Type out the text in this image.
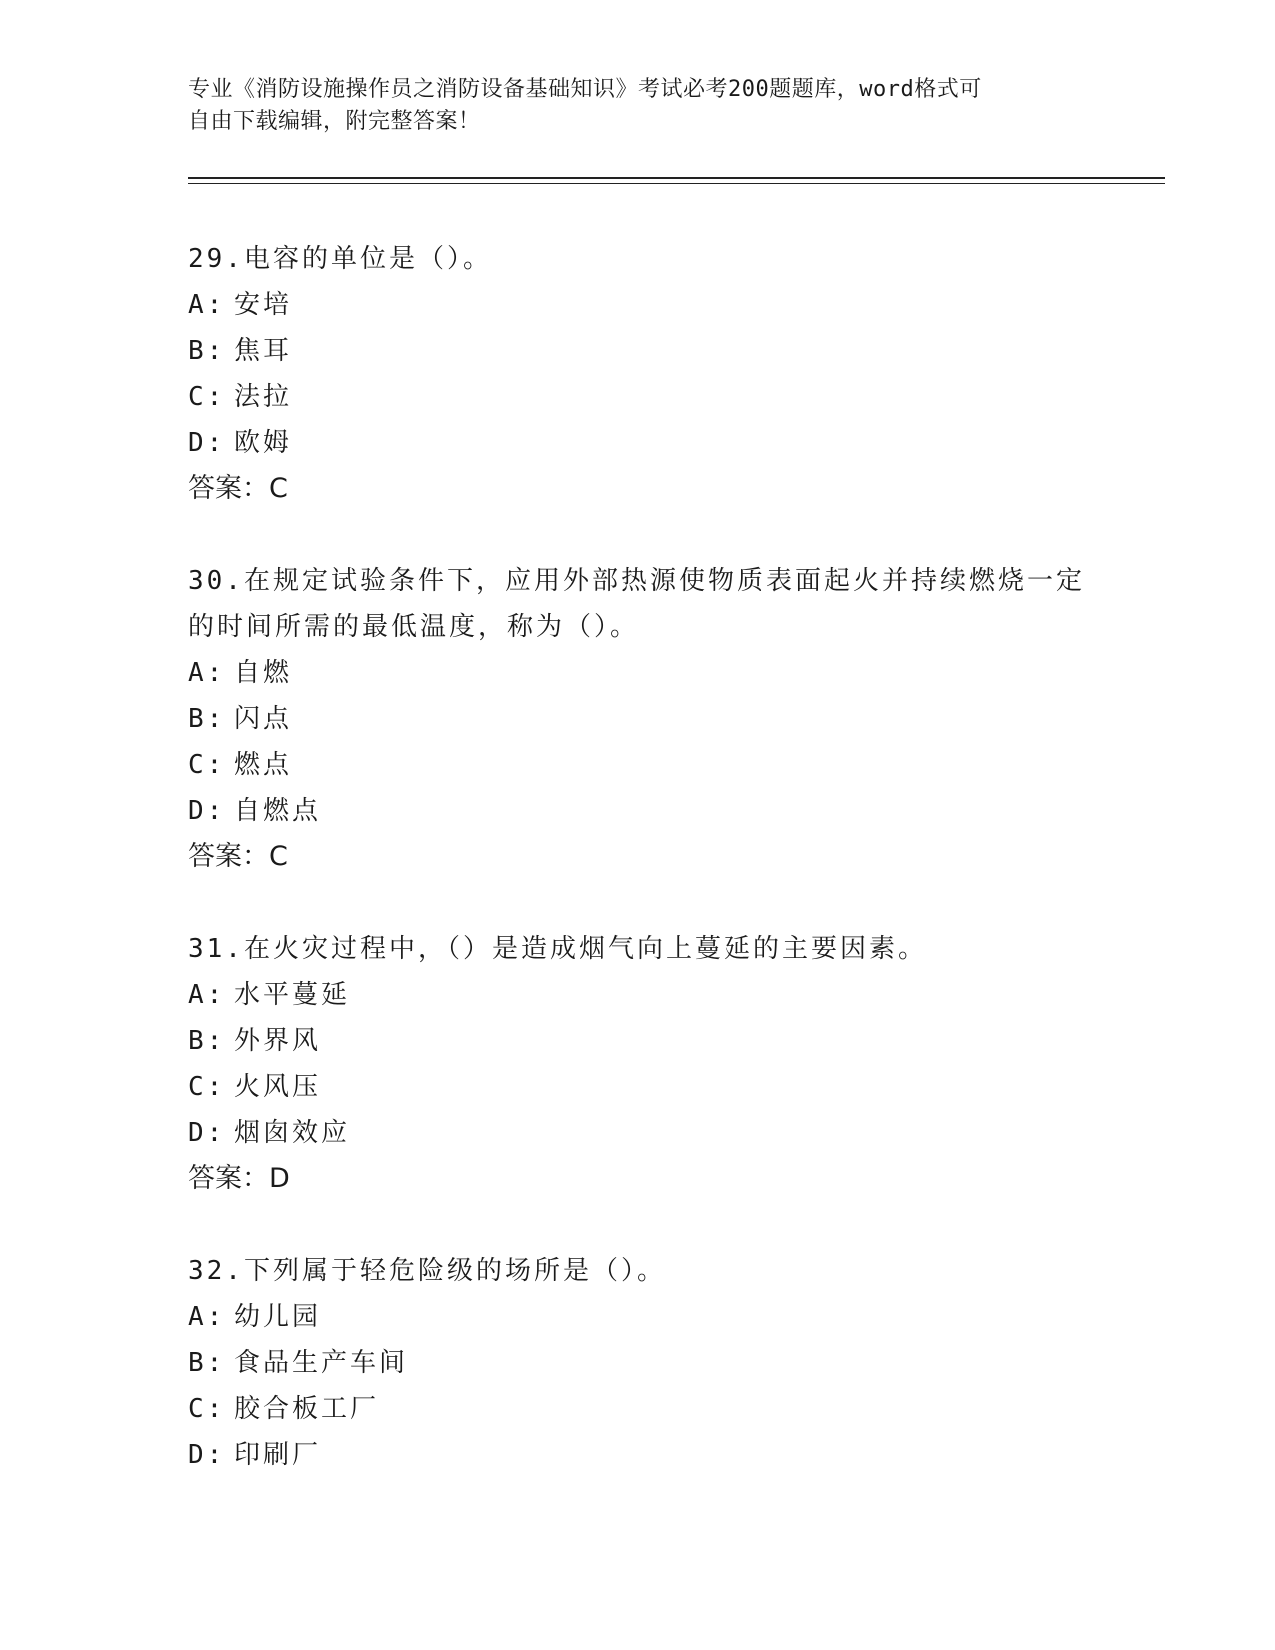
专业《消防设施操作员之消防设备基础知识》考试必考200题题库，word格式可
自由下载编辑，附完整答案！
29.电容的单位是（）。
A: 安培
B: 焦耳
C: 法拉
D: 欧姆
答案：C
30.在规定试验条件下，应用外部热源使物质表面起火并持续燃烧一定
的时间所需的最低温度，称为（）。
A: 自燃
B: 闪点
C: 燃点
D: 自燃点
答案：C
31.在火灾过程中，（）是造成烟气向上蔓延的主要因素。
A: 水平蔓延
B: 外界风
C: 火风压
D: 烟囱效应
答案：D
32.下列属于轻危险级的场所是（）。
A: 幼儿园
B: 食品生产车间
C: 胶合板工厂
D: 印刷厂
